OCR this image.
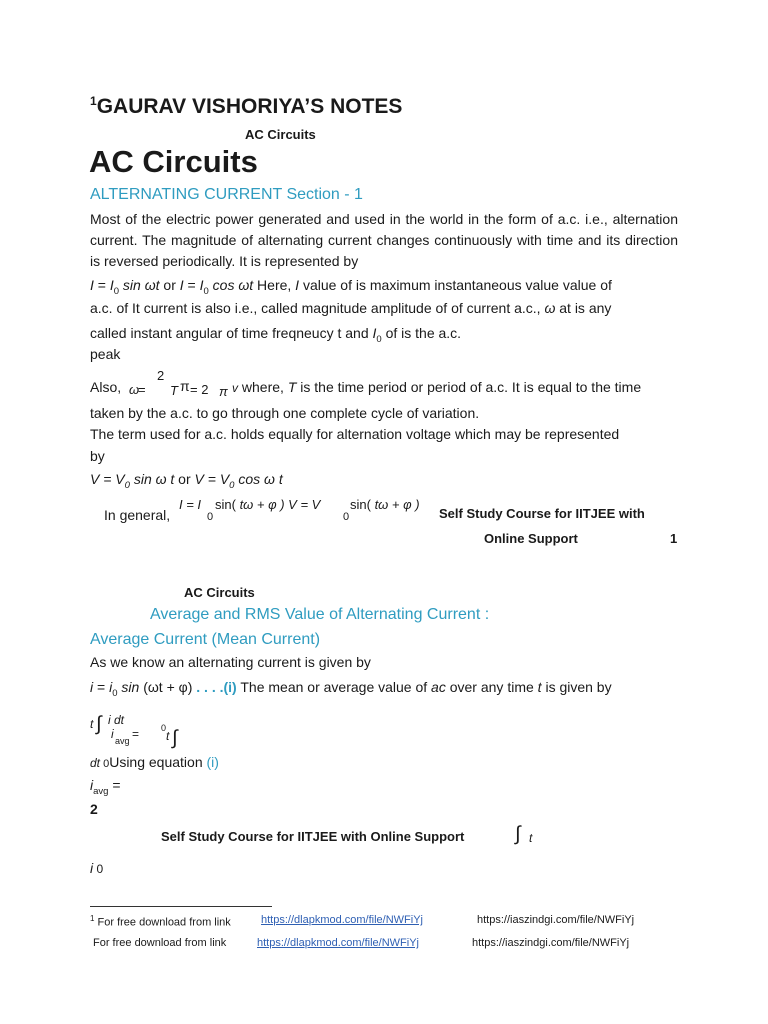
$^1$GAURAV VISHORIYA’S NOTES
AC Circuits
AC Circuits
ALTERNATING CURRENT Section - 1

Most of the electric power generated and used in the world in the form of a.c. i.e., alternation current. The magnitude of alternating current changes continuously with time and its direction is reversed periodically. It is represented by

$I = I_0$ sin ωt or $I = I_0$ cos ωt Here, I value of is maximum instantaneous value value of
a.c. of It current is also i.e., called magnitude amplitude of of current a.c., ω at is any
called instant angular of time freqneucy t and $I_0$ of is the a.c.
peak
Also, ω
=
2
T π = 2 π v where, T is the time period or period of a.c. It is equal to the time
taken by the a.c. to go through one complete cycle of variation.
The term used for a.c. holds equally for alternation voltage which may be represented
by
$V = V_0$ sin ω t or $V = V_0$ cos ω t
In general,
I = I
0
sin( tω + φ ) V = V
0
sin( tω + φ )
Self Study Course for IITJEE with
Online Support	1
AC Circuits
Average and RMS Value of Alternating Current :
Average Current (Mean Current)
As we know an alternating current is given by
$i = i_0$ sin (ωt + φ) . . . .(i) The mean or average value of ac over any time t is given by
t ∫ i dt
i avg = 0
t ∫
dt 0Using equation (i)
$i_{avg}$ =
2
Self Study Course for IITJEE with Online Support	∫ t
i 0
$^1$ For free download from link	https://dlapkmod.com/file/NWFiYj	https://iaszindgi.com/file/NWFiYj
For free download from link	https://dlapkmod.com/file/NWFiYj	https://iaszindgi.com/file/NWFiYj
